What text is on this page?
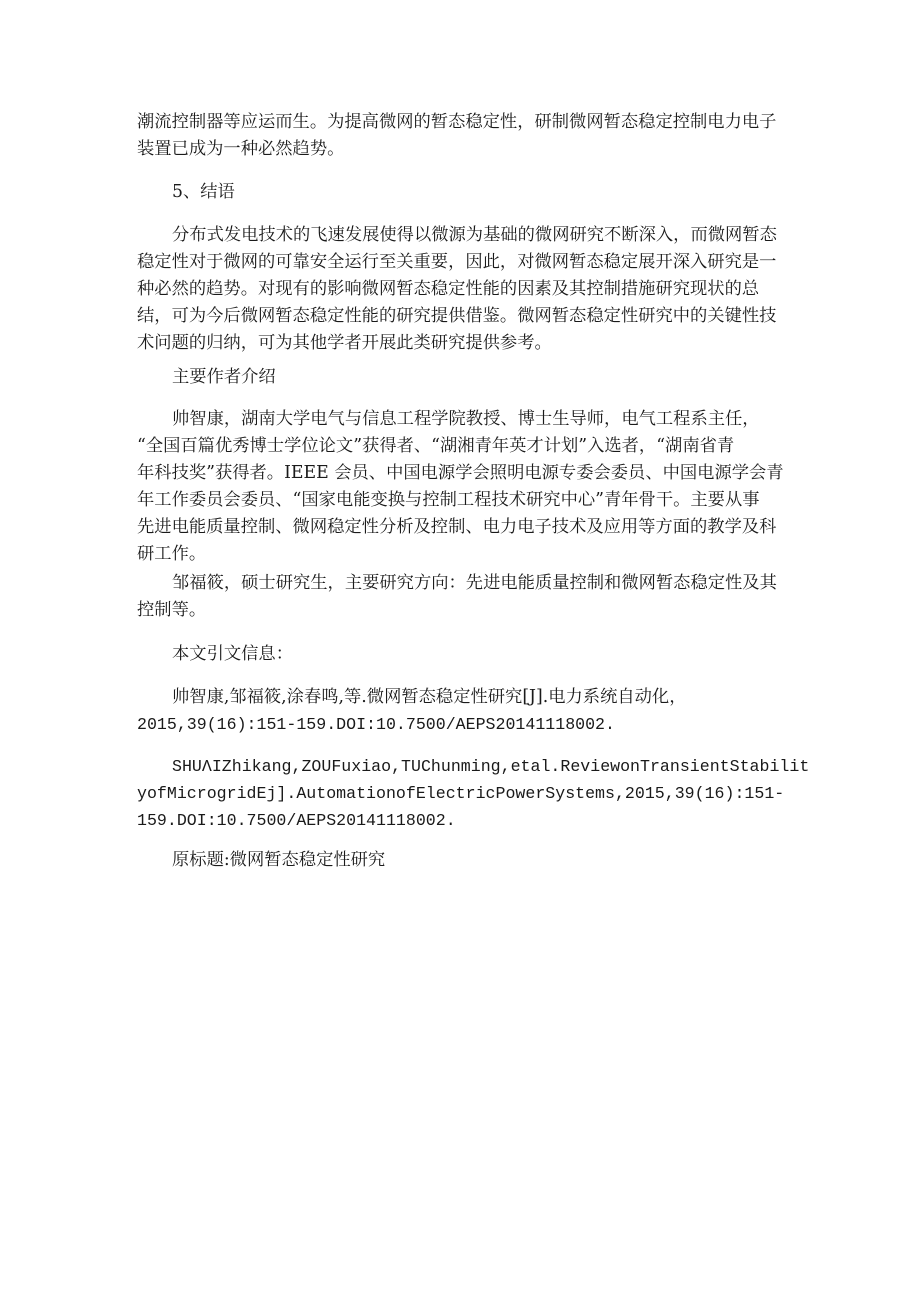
潮流控制器等应运而生。为提高微网的暂态稳定性，研制微网暂态稳定控制电力电子
装置已成为一种必然趋势。
5、结语
分布式发电技术的飞速发展使得以微源为基础的微网研究不断深入，而微网暂态
稳定性对于微网的可靠安全运行至关重要，因此，对微网暂态稳定展开深入研究是一
种必然的趋势。对现有的影响微网暂态稳定性能的因素及其控制措施研究现状的总
结，可为今后微网暂态稳定性能的研究提供借鉴。微网暂态稳定性研究中的关键性技
术问题的归纳，可为其他学者开展此类研究提供参考。
主要作者介绍
帅智康，湖南大学电气与信息工程学院教授、博士生导师，电气工程系主任，
“全国百篇优秀博士学位论文”获得者、“湖湘青年英才计划”入选者，“湖南省青
年科技奖”获得者。IEEE 会员、中国电源学会照明电源专委会委员、中国电源学会青
年工作委员会委员、“国家电能变换与控制工程技术研究中心”青年骨干。主要从事
先进电能质量控制、微网稳定性分析及控制、电力电子技术及应用等方面的教学及科
研工作。
邹福筱，硕士研究生，主要研究方向：先进电能质量控制和微网暂态稳定性及其
控制等。
本文引文信息：
帅智康,邹福筱,涂春鸣,等.微网暂态稳定性研究[J].电力系统自动化，
2015,39(16):151-159.DOI:10.7500/AEPS20141118002.
SHUΛIZhikang,ZOUFuxiao,TUChunming,etal.ReviewonTransientStabilit
yofMicrogridEj].AutomationofElectricPowerSystems,2015,39(16):151-
159.DOI:10.7500/AEPS20141118002.
原标题:微网暂态稳定性研究
